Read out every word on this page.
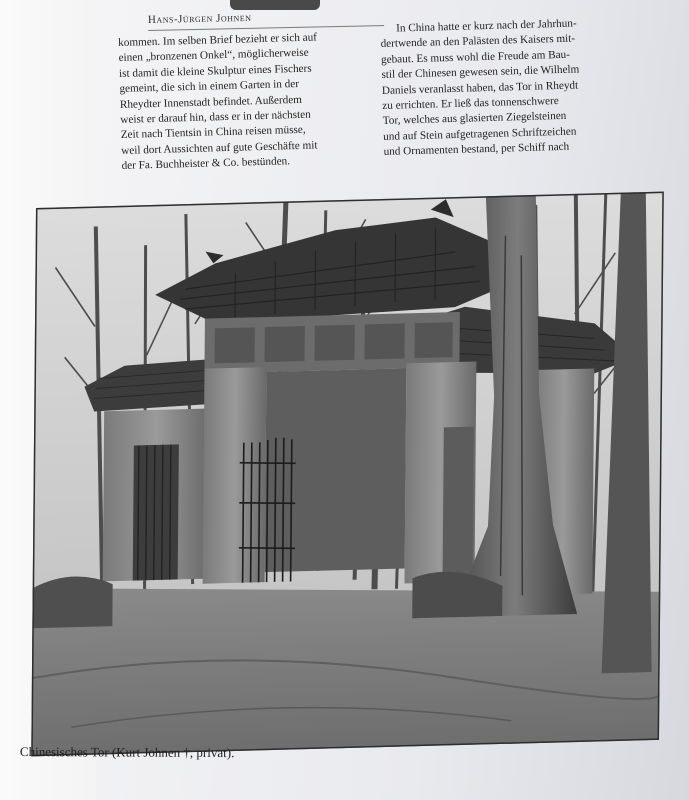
Hans-Jürgen Johnen
kommen. Im selben Brief bezieht er sich auf
einen „bronzenen Onkel“, möglicherweise
ist damit die kleine Skulptur eines Fischers
gemeint, die sich in einem Garten in der
Rheydter Innenstadt befindet. Außerdem
weist er darauf hin, dass er in der nächsten
Zeit nach Tientsin in China reisen müsse,
weil dort Aussichten auf gute Geschäfte mit
der Fa. Buchheister & Co. bestünden.
In China hatte er kurz nach der Jahrhun-
dertwende an den Palästen des Kaisers mit-
gebaut. Es muss wohl die Freude am Bau-
stil der Chinesen gewesen sein, die Wilhelm
Daniels veranlasst haben, das Tor in Rheydt
zu errichten. Er ließ das tonnenschwere
Tor, welches aus glasierten Ziegelsteinen
und auf Stein aufgetragenen Schriftzeichen
und Ornamenten bestand, per Schiff nach
Chinesisches Tor (Kurt Johnen †, privat).
